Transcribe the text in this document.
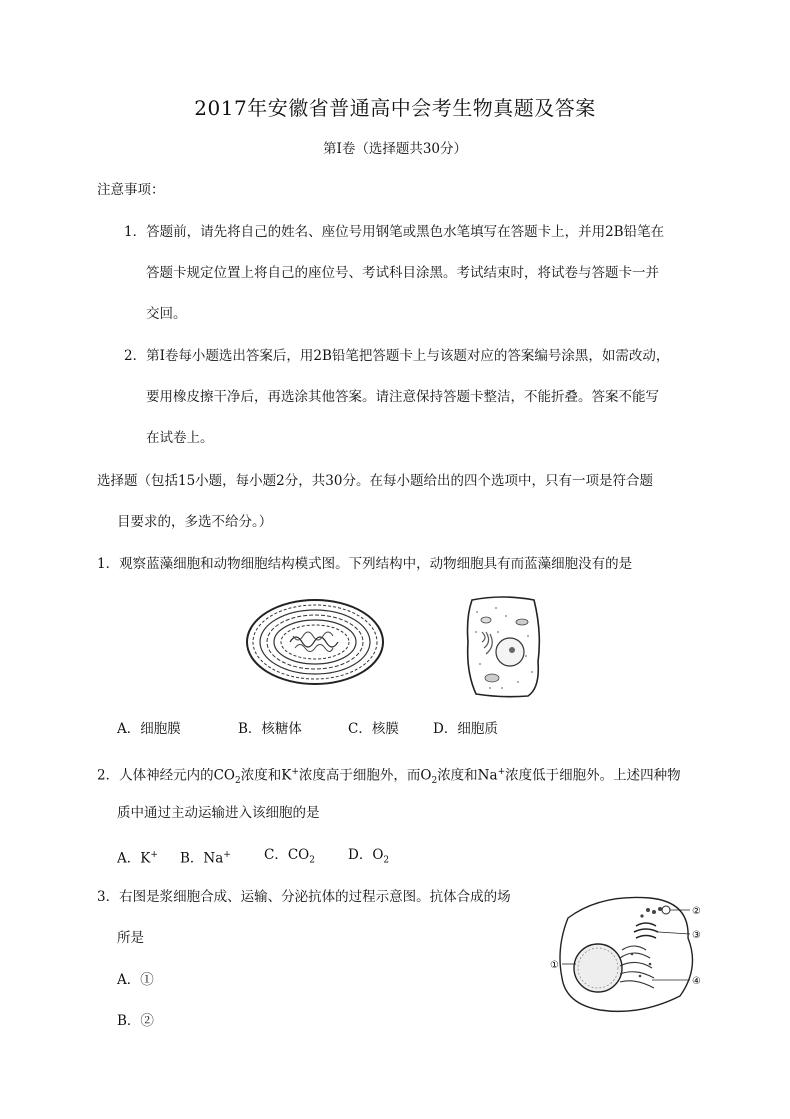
2017年安徽省普通高中会考生物真题及答案
第Ⅰ卷（选择题共30分）
注意事项：
1．答题前，请先将自己的姓名、座位号用钢笔或黑色水笔填写在答题卡上，并用2B铅笔在
答题卡规定位置上将自己的座位号、考试科目涂黑。考试结束时，将试卷与答题卡一并
交回。
2．第Ⅰ卷每小题选出答案后，用2B铅笔把答题卡上与该题对应的答案编号涂黑，如需改动，
要用橡皮擦干净后，再选涂其他答案。请注意保持答题卡整洁，不能折叠。答案不能写
在试卷上。
选择题（包括15小题，每小题2分，共30分。在每小题给出的四个选项中，只有一项是符合题
目要求的，多选不给分。）
1．观察蓝藻细胞和动物细胞结构模式图。下列结构中，动物细胞具有而蓝藻细胞没有的是
A．细胞膜	B．核糖体	C．核膜	D．细胞质
2．人体神经元内的$CO_2$浓度和K+浓度高于细胞外，而$O_2$浓度和Na+浓度低于细胞外。上述四种物
质中通过主动运输进入该细胞的是
A．K+ B．Na+ C．$CO_2$ D．$O_2$
3．右图是浆细胞合成、运输、分泌抗体的过程示意图。抗体合成的场
所是
A．①
B．②
①
②
③
④
